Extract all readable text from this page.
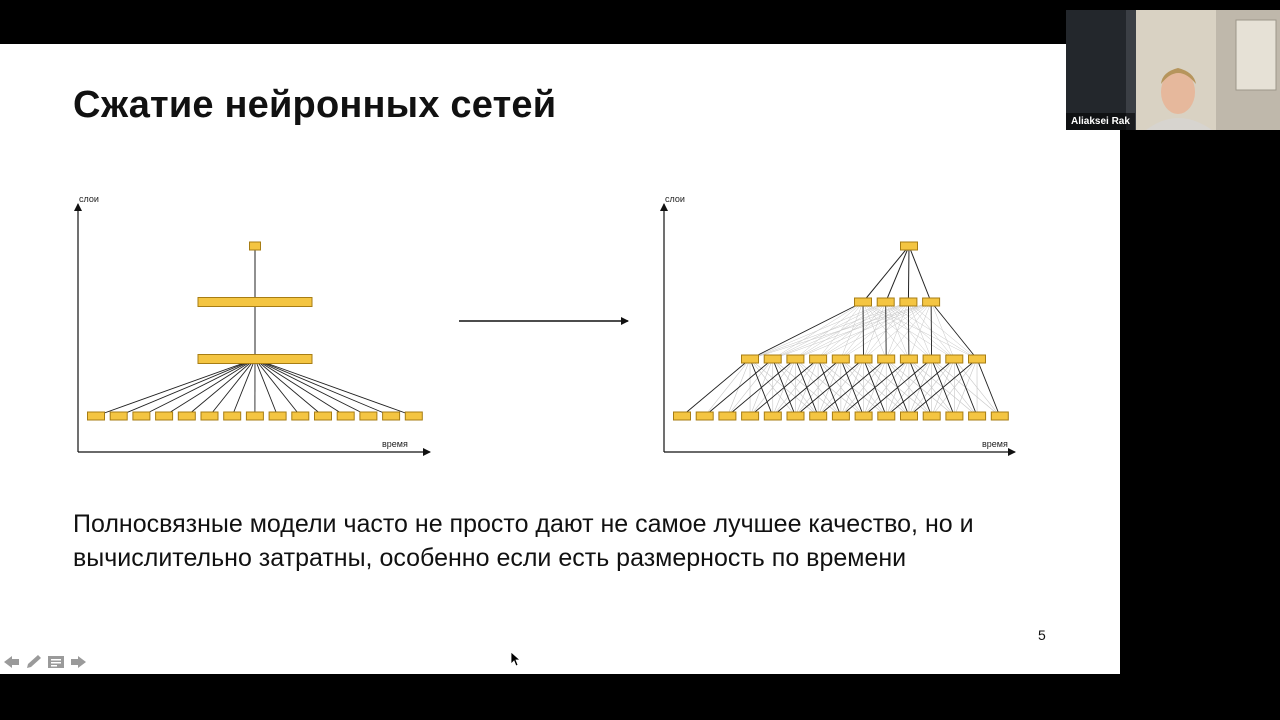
Сжатие нейронных сетей
слои
время
слои
время

Полносвязные модели часто не просто дают не самое лучшее качество, но и вычислительно затратны, особенно если есть размерность по времени

5
Aliaksei Rak
